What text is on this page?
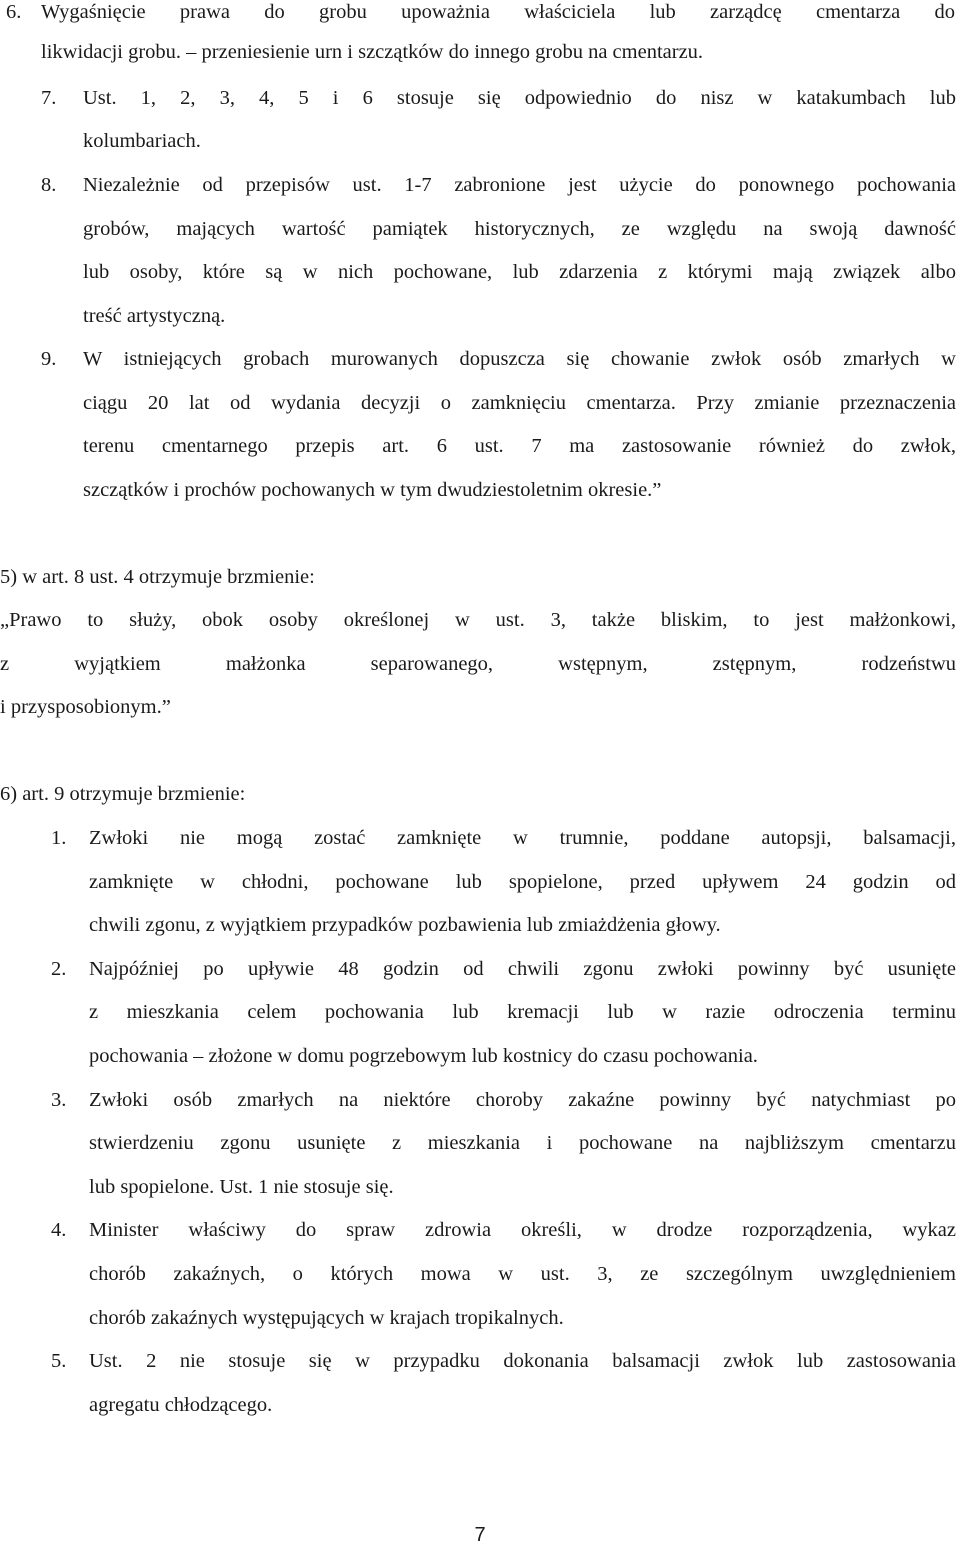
6. Wygaśnięcie prawa do grobu upoważnia właściciela lub zarządcę cmentarza do
likwidacji grobu. – przeniesienie urn i szczątków do innego grobu na cmentarzu.
7. Ust. 1, 2, 3, 4, 5 i 6 stosuje się odpowiednio do nisz w katakumbach lub
kolumbariach.
8. Niezależnie od przepisów ust. 1-7 zabronione jest użycie do ponownego pochowania
grobów, mających wartość pamiątek historycznych, ze względu na swoją dawność
lub osoby, które są w nich pochowane, lub zdarzenia z którymi mają związek albo
treść artystyczną.
9. W istniejących grobach murowanych dopuszcza się chowanie zwłok osób zmarłych w
ciągu 20 lat od wydania decyzji o zamknięciu cmentarza. Przy zmianie przeznaczenia
terenu cmentarnego przepis art. 6 ust. 7 ma zastosowanie również do zwłok,
szczątków i prochów pochowanych w tym dwudziestoletnim okresie.”
5) w art. 8 ust. 4 otrzymuje brzmienie:
„Prawo to służy, obok osoby określonej w ust. 3, także bliskim, to jest małżonkowi,
z wyjątkiem małżonka separowanego, wstępnym, zstępnym, rodzeństwu
i przysposobionym.”
6) art. 9 otrzymuje brzmienie:
1. Zwłoki nie mogą zostać zamknięte w trumnie, poddane autopsji, balsamacji,
zamknięte w chłodni, pochowane lub spopielone, przed upływem 24 godzin od
chwili zgonu, z wyjątkiem przypadków pozbawienia lub zmiażdżenia głowy.
2. Najpóźniej po upływie 48 godzin od chwili zgonu zwłoki powinny być usunięte
z mieszkania celem pochowania lub kremacji lub w razie odroczenia terminu
pochowania – złożone w domu pogrzebowym lub kostnicy do czasu pochowania.
3. Zwłoki osób zmarłych na niektóre choroby zakaźne powinny być natychmiast po
stwierdzeniu zgonu usunięte z mieszkania i pochowane na najbliższym cmentarzu
lub spopielone. Ust. 1 nie stosuje się.
4. Minister właściwy do spraw zdrowia określi, w drodze rozporządzenia, wykaz
chorób zakaźnych, o których mowa w ust. 3, ze szczególnym uwzględnieniem
chorób zakaźnych występujących w krajach tropikalnych.
5. Ust. 2 nie stosuje się w przypadku dokonania balsamacji zwłok lub zastosowania
agregatu chłodzącego.
7
